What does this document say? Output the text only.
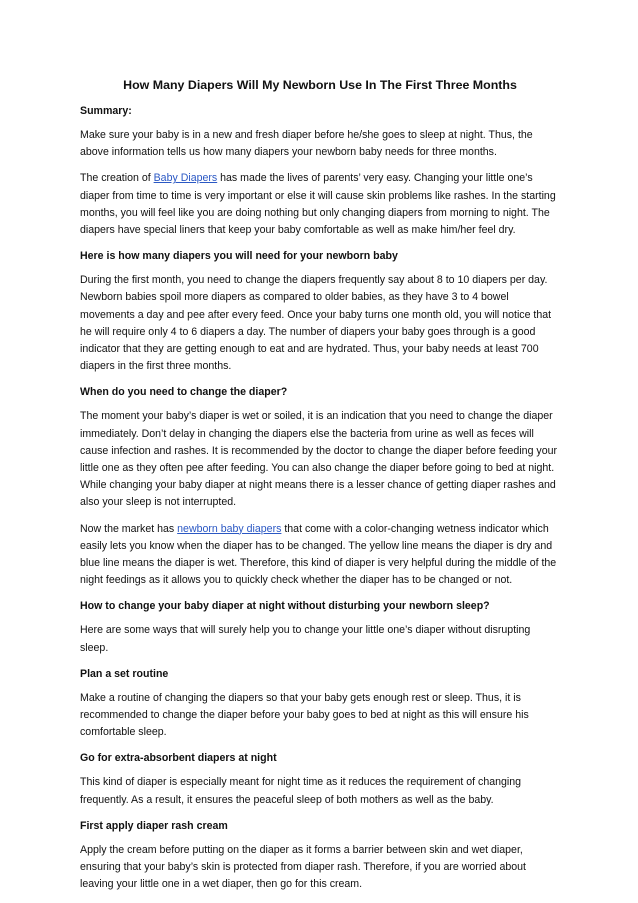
How Many Diapers Will My Newborn Use In The First Three Months
Summary:

Make sure your baby is in a new and fresh diaper before he/she goes to sleep at night. Thus, the above information tells us how many diapers your newborn baby needs for three months.

The creation of Baby Diapers has made the lives of parents’ very easy. Changing your little one’s diaper from time to time is very important or else it will cause skin problems like rashes. In the starting months, you will feel like you are doing nothing but only changing diapers from morning to night. The diapers have special liners that keep your baby comfortable as well as make him/her feel dry.

Here is how many diapers you will need for your newborn baby

During the first month, you need to change the diapers frequently say about 8 to 10 diapers per day. Newborn babies spoil more diapers as compared to older babies, as they have 3 to 4 bowel movements a day and pee after every feed. Once your baby turns one month old, you will notice that he will require only 4 to 6 diapers a day. The number of diapers your baby goes through is a good indicator that they are getting enough to eat and are hydrated. Thus, your baby needs at least 700 diapers in the first three months.

When do you need to change the diaper?

The moment your baby’s diaper is wet or soiled, it is an indication that you need to change the diaper immediately. Don’t delay in changing the diapers else the bacteria from urine as well as feces will cause infection and rashes. It is recommended by the doctor to change the diaper before feeding your little one as they often pee after feeding. You can also change the diaper before going to bed at night. While changing your baby diaper at night means there is a lesser chance of getting diaper rashes and also your sleep is not interrupted.

Now the market has newborn baby diapers that come with a color-changing wetness indicator which easily lets you know when the diaper has to be changed. The yellow line means the diaper is dry and blue line means the diaper is wet. Therefore, this kind of diaper is very helpful during the middle of the night feedings as it allows you to quickly check whether the diaper has to be changed or not.

How to change your baby diaper at night without disturbing your newborn sleep?

Here are some ways that will surely help you to change your little one’s diaper without disrupting sleep.

Plan a set routine

Make a routine of changing the diapers so that your baby gets enough rest or sleep. Thus, it is recommended to change the diaper before your baby goes to bed at night as this will ensure his comfortable sleep.

Go for extra-absorbent diapers at night

This kind of diaper is especially meant for night time as it reduces the requirement of changing frequently. As a result, it ensures the peaceful sleep of both mothers as well as the baby.

First apply diaper rash cream

Apply the cream before putting on the diaper as it forms a barrier between skin and wet diaper, ensuring that your baby’s skin is protected from diaper rash. Therefore, if you are worried about leaving your little one in a wet diaper, then go for this cream.
